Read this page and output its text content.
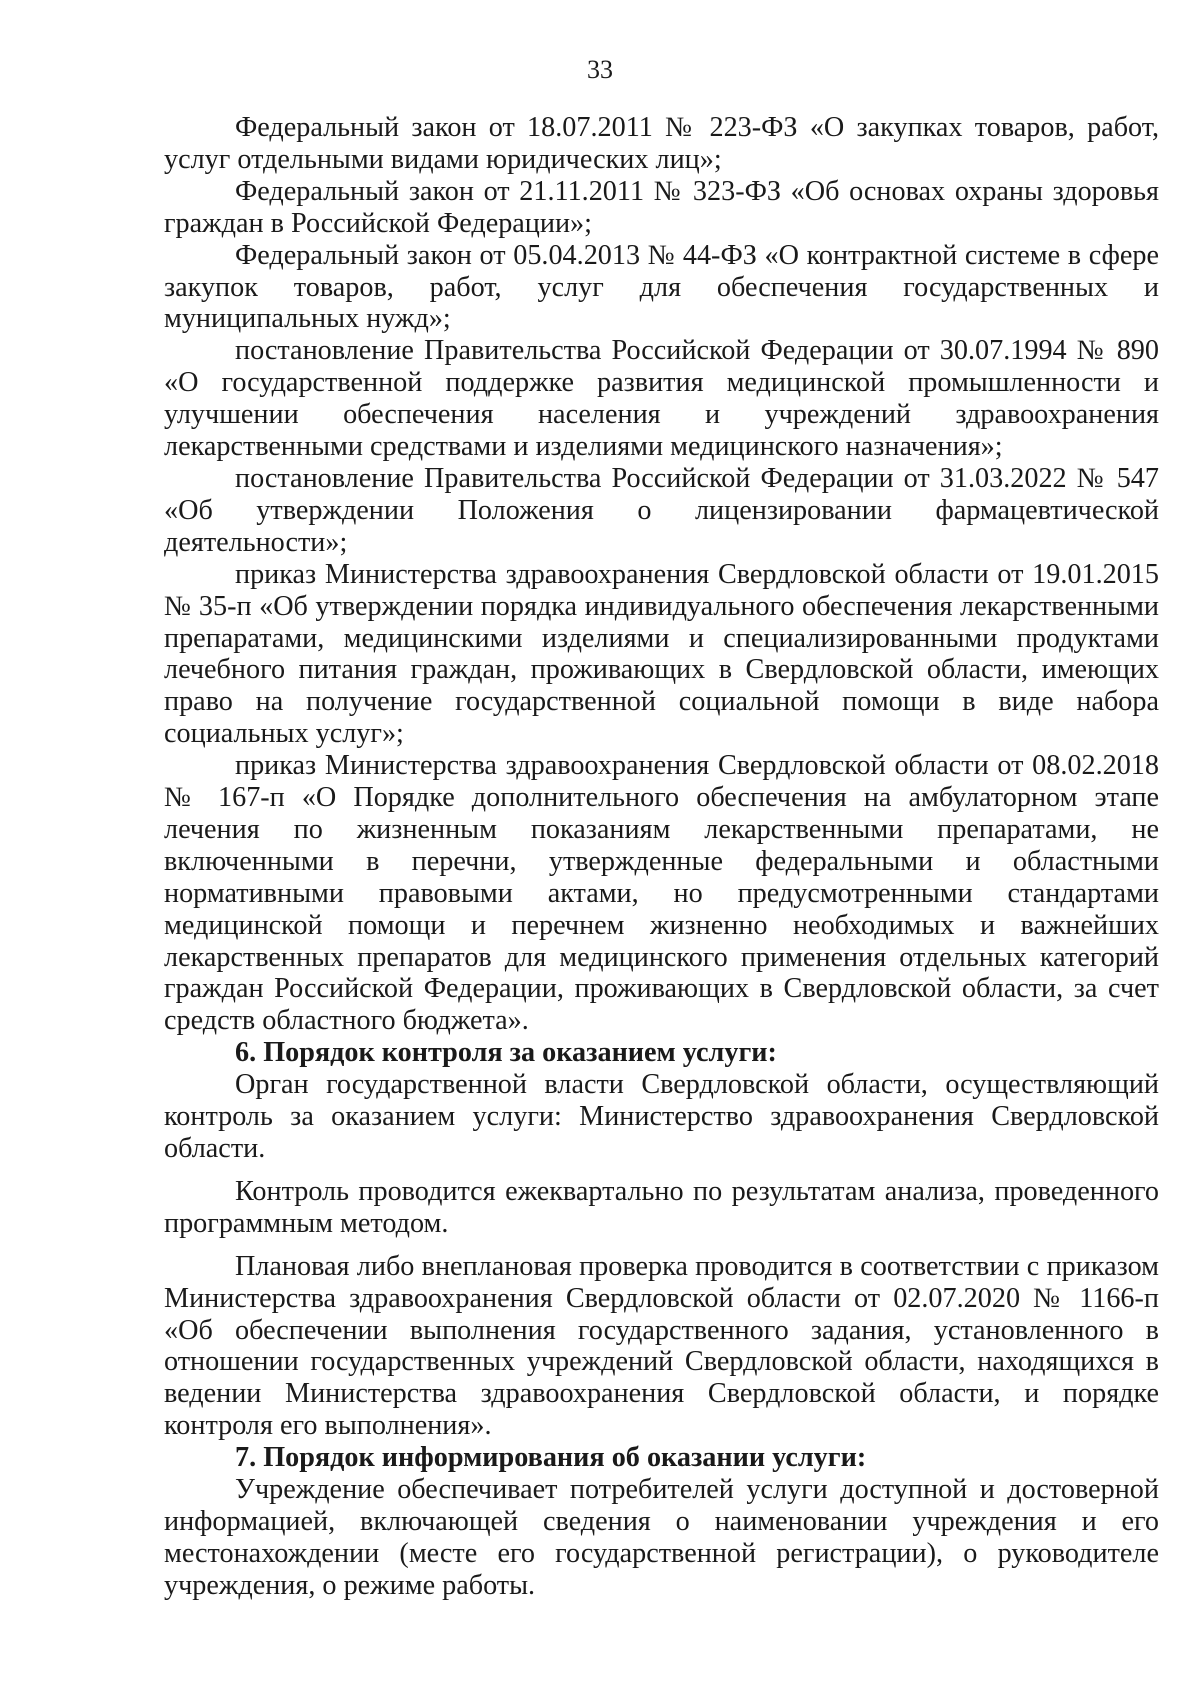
33

Федеральный закон от 18.07.2011 № 223-ФЗ «О закупках товаров, работ, услуг отдельными видами юридических лиц»;

Федеральный закон от 21.11.2011 № 323-ФЗ «Об основах охраны здоровья граждан в Российской Федерации»;

Федеральный закон от 05.04.2013 № 44-ФЗ «О контрактной системе в сфере закупок товаров, работ, услуг для обеспечения государственных и муниципальных нужд»;

постановление Правительства Российской Федерации от 30.07.1994 № 890 «О государственной поддержке развития медицинской промышленности и улучшении обеспечения населения и учреждений здравоохранения лекарственными средствами и изделиями медицинского назначения»;

постановление Правительства Российской Федерации от 31.03.2022 № 547 «Об утверждении Положения о лицензировании фармацевтической деятельности»;

приказ Министерства здравоохранения Свердловской области от 19.01.2015 № 35-п «Об утверждении порядка индивидуального обеспечения лекарственными препаратами, медицинскими изделиями и специализированными продуктами лечебного питания граждан, проживающих в Свердловской области, имеющих право на получение государственной социальной помощи в виде набора социальных услуг»;

приказ Министерства здравоохранения Свердловской области от 08.02.2018 № 167-п «О Порядке дополнительного обеспечения на амбулаторном этапе лечения по жизненным показаниям лекарственными препаратами, не включенными в перечни, утвержденные федеральными и областными нормативными правовыми актами, но предусмотренными стандартами медицинской помощи и перечнем жизненно необходимых и важнейших лекарственных препаратов для медицинского применения отдельных категорий граждан Российской Федерации, проживающих в Свердловской области, за счет средств областного бюджета».

6. Порядок контроля за оказанием услуги:

Орган государственной власти Свердловской области, осуществляющий контроль за оказанием услуги: Министерство здравоохранения Свердловской области.

Контроль проводится ежеквартально по результатам анализа, проведенного программным методом.

Плановая либо внеплановая проверка проводится в соответствии с приказом Министерства здравоохранения Свердловской области от 02.07.2020 № 1166-п «Об обеспечении выполнения государственного задания, установленного в отношении государственных учреждений Свердловской области, находящихся в ведении Министерства здравоохранения Свердловской области, и порядке контроля его выполнения».

7. Порядок информирования об оказании услуги:

Учреждение обеспечивает потребителей услуги доступной и достоверной информацией, включающей сведения о наименовании учреждения и его местонахождении (месте его государственной регистрации), о руководителе учреждения, о режиме работы.
